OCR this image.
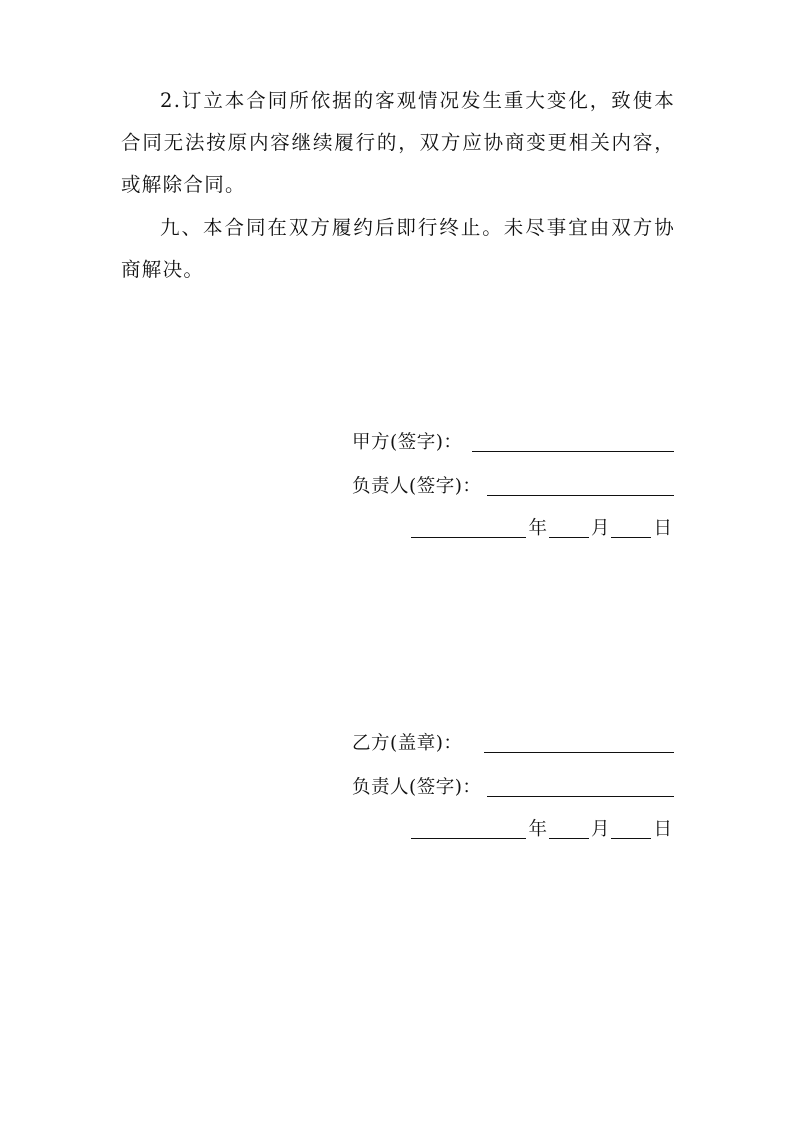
2.订立本合同所依据的客观情况发生重大变化，致使本合同无法按原内容继续履行的，双方应协商变更相关内容，或解除合同。

九、本合同在双方履约后即行终止。未尽事宜由双方协商解决。

甲方(签字)：
负责人(签字)：
年 月 日
乙方(盖章)：
负责人(签字)：
年 月 日
